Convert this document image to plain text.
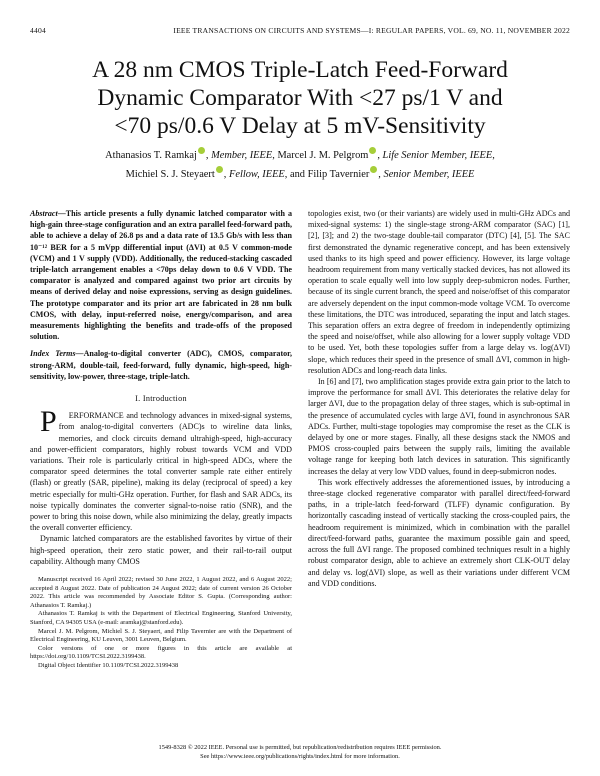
4404	IEEE TRANSACTIONS ON CIRCUITS AND SYSTEMS—I: REGULAR PAPERS, VOL. 69, NO. 11, NOVEMBER 2022
A 28 nm CMOS Triple-Latch Feed-Forward
Dynamic Comparator With <27 ps/1 V and
<70 ps/0.6 V Delay at 5 mV-Sensitivity
Athanasios T. Ramkaj , Member, IEEE, Marcel J. M. Pelgrom , Life Senior Member, IEEE,
Michiel S. J. Steyaert , Fellow, IEEE, and Filip Tavernier , Senior Member, IEEE
Abstract—This article presents a fully dynamic latched comparator with a high-gain three-stage configuration and an extra parallel feed-forward path, able to achieve a delay of 26.8 ps and a data rate of 13.5 Gb/s with less than 10⁻¹² BER for a 5 mVpp differential input (ΔVI) at 0.5 V common-mode (VCM) and 1 V supply (VDD). Additionally, the reduced-stacking cascaded triple-latch arrangement enables a <70ps delay down to 0.6 V VDD. The comparator is analyzed and compared against two prior art circuits by means of derived delay and noise expressions, serving as design guidelines. The prototype comparator and its prior art are fabricated in 28 nm bulk CMOS, with delay, input-referred noise, energy/comparison, and area measurements highlighting the benefits and trade-offs of the proposed solution.
Index Terms—Analog-to-digital converter (ADC), CMOS, comparator, strong-ARM, double-tail, feed-forward, fully dynamic, high-speed, high-sensitivity, low-power, three-stage, triple-latch.
I. Introduction

P ERFORMANCE and technology advances in mixed-signal systems, from analog-to-digital converters (ADC)s to wireline data links, memories, and clock circuits demand ultrahigh-speed, high-accuracy and power-efficient comparators, highly robust towards VCM and VDD variations. Their role is particularly critical in high-speed ADCs, where the comparator speed determines the total converter sample rate either entirely (flash) or greatly (SAR, pipeline), making its delay (reciprocal of speed) a key metric especially for multi-GHz operation. Further, for flash and SAR ADCs, its noise typically dominates the converter signal-to-noise ratio (SNR), and the power to bring this noise down, while also minimizing the delay, greatly impacts the overall converter efficiency.

Dynamic latched comparators are the established favorites by virtue of their high-speed operation, their zero static power, and their rail-to-rail output capability. Although many CMOS

Manuscript received 16 April 2022; revised 30 June 2022, 1 August 2022, and 6 August 2022; accepted 8 August 2022. Date of publication 24 August 2022; date of current version 26 October 2022. This article was recommended by Associate Editor S. Gupta. (Corresponding author: Athanasios T. Ramkaj.)

Athanasios T. Ramkaj is with the Department of Electrical Engineering, Stanford University, Stanford, CA 94305 USA (e-mail: aramkaj@stanford.edu).

Marcel J. M. Pelgrom, Michiel S. J. Steyaert, and Filip Tavernier are with the Department of Electrical Engineering, KU Leuven, 3001 Leuven, Belgium.

Color versions of one or more figures in this article are available at https://doi.org/10.1109/TCSI.2022.3199438.

Digital Object Identifier 10.1109/TCSI.2022.3199438

topologies exist, two (or their variants) are widely used in multi-GHz ADCs and mixed-signal systems: 1) the single-stage strong-ARM comparator (SAC) [1], [2], [3]; and 2) the two-stage double-tail comparator (DTC) [4], [5]. The SAC first demonstrated the dynamic regenerative concept, and has been extensively used thanks to its high speed and power efficiency. However, its large voltage headroom requirement from many vertically stacked devices, has not allowed its operation to scale equally well into low supply deep-submicron nodes. Further, because of its single current branch, the speed and noise/offset of this comparator are adversely dependent on the input common-mode voltage VCM. To overcome these limitations, the DTC was introduced, separating the input and latch stages. This separation offers an extra degree of freedom in independently optimizing the speed and noise/offset, while also allowing for a lower supply voltage VDD to be used. Yet, both these topologies suffer from a large delay vs. log(ΔVI) slope, which reduces their speed in the presence of small ΔVI, common in high-resolution ADCs and long-reach data links.

In [6] and [7], two amplification stages provide extra gain prior to the latch to improve the performance for small ΔVI. This deteriorates the relative delay for larger ΔVI, due to the propagation delay of three stages, which is sub-optimal in the presence of accumulated cycles with large ΔVI, found in asynchronous SAR ADCs. Further, multi-stage topologies may compromise the reset as the CLK is delayed by one or more stages. Finally, all these designs stack the NMOS and PMOS cross-coupled pairs between the supply rails, limiting the available voltage range for keeping both latch devices in saturation. This significantly increases the delay at very low VDD values, found in deep-submicron nodes.

This work effectively addresses the aforementioned issues, by introducing a three-stage clocked regenerative comparator with parallel direct/feed-forward paths, in a triple-latch feed-forward (TLFF) dynamic configuration. By horizontally cascading instead of vertically stacking the cross-coupled pairs, the headroom requirement is minimized, which in combination with the parallel direct/feed-forward paths, guarantee the maximum possible gain and speed, across the full ΔVI range. The proposed combined techniques result in a highly robust comparator design, able to achieve an extremely short CLK-OUT delay and delay vs. log(ΔVI) slope, as well as their variations under different VCM and VDD conditions.

1549-8328 © 2022 IEEE. Personal use is permitted, but republication/redistribution requires IEEE permission.
See https://www.ieee.org/publications/rights/index.html for more information.
